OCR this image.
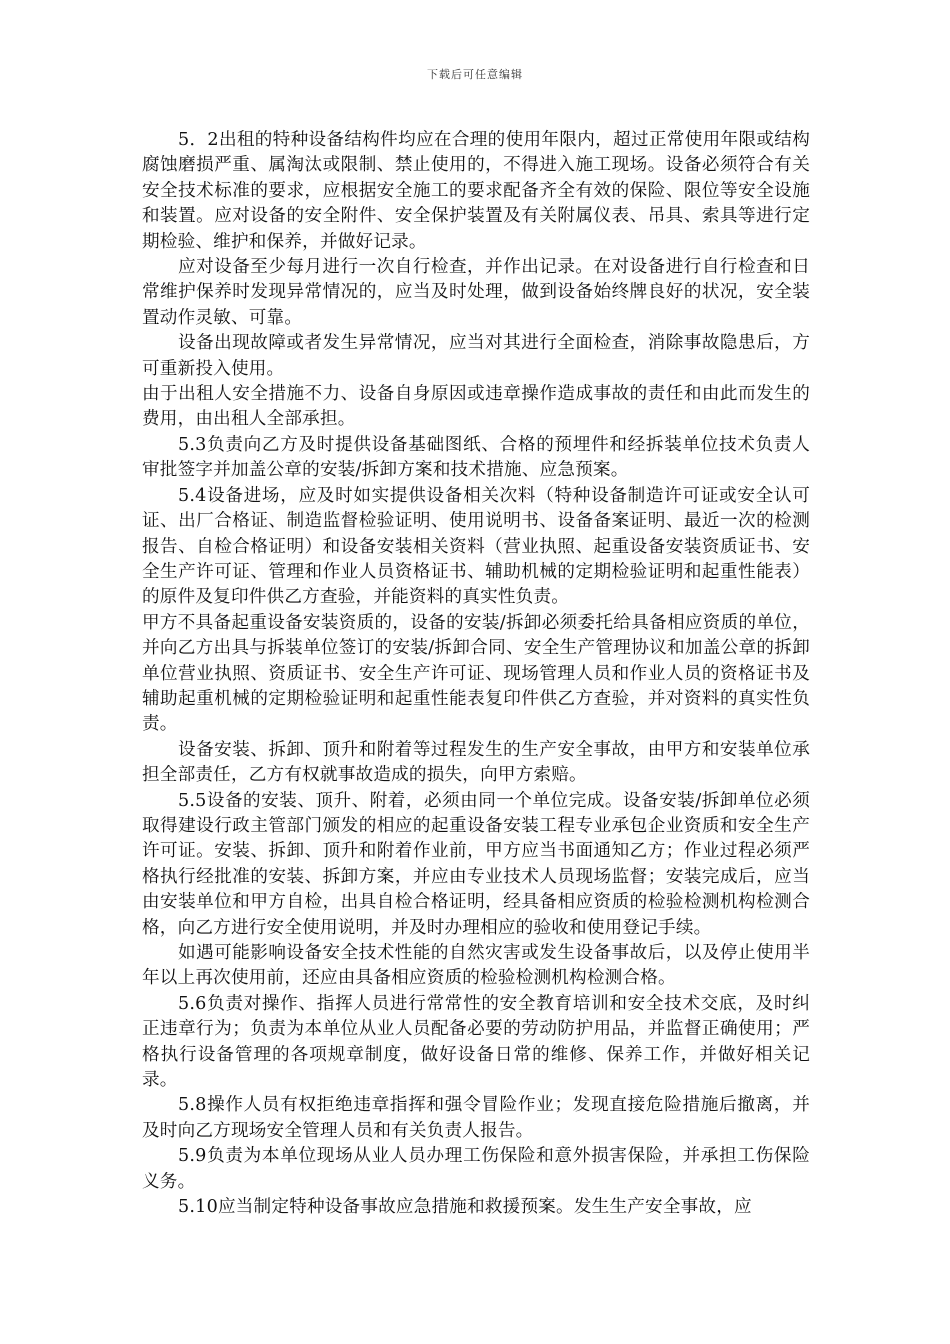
下载后可任意编辑

5．2出租的特种设备结构件均应在合理的使用年限内，超过正常使用年限或结构腐蚀磨损严重、属淘汰或限制、禁止使用的，不得进入施工现场。设备必须符合有关安全技术标准的要求，应根据安全施工的要求配备齐全有效的保险、限位等安全设施和装置。应对设备的安全附件、安全保护装置及有关附属仪表、吊具、索具等进行定期检验、维护和保养，并做好记录。

应对设备至少每月进行一次自行检查，并作出记录。在对设备进行自行检查和日常维护保养时发现异常情况的，应当及时处理，做到设备始终牌良好的状况，安全装置动作灵敏、可靠。

设备出现故障或者发生异常情况，应当对其进行全面检查，消除事故隐患后，方可重新投入使用。

由于出租人安全措施不力、设备自身原因或违章操作造成事故的责任和由此而发生的费用，由出租人全部承担。

5.3负责向乙方及时提供设备基础图纸、合格的预埋件和经拆装单位技术负责人审批签字并加盖公章的安装/拆卸方案和技术措施、应急预案。

5.4设备进场，应及时如实提供设备相关次料（特种设备制造许可证或安全认可证、出厂合格证、制造监督检验证明、使用说明书、设备备案证明、最近一次的检测报告、自检合格证明）和设备安装相关资料（营业执照、起重设备安装资质证书、安全生产许可证、管理和作业人员资格证书、辅助机械的定期检验证明和起重性能表）的原件及复印件供乙方查验，并能资料的真实性负责。

甲方不具备起重设备安装资质的，设备的安装/拆卸必须委托给具备相应资质的单位，并向乙方出具与拆装单位签订的安装/拆卸合同、安全生产管理协议和加盖公章的拆卸单位营业执照、资质证书、安全生产许可证、现场管理人员和作业人员的资格证书及辅助起重机械的定期检验证明和起重性能表复印件供乙方查验，并对资料的真实性负责。

设备安装、拆卸、顶升和附着等过程发生的生产安全事故，由甲方和安装单位承担全部责任，乙方有权就事故造成的损失，向甲方索赔。

5.5设备的安装、顶升、附着，必须由同一个单位完成。设备安装/拆卸单位必须取得建设行政主管部门颁发的相应的起重设备安装工程专业承包企业资质和安全生产许可证。安装、拆卸、顶升和附着作业前，甲方应当书面通知乙方；作业过程必须严格执行经批准的安装、拆卸方案，并应由专业技术人员现场监督；安装完成后，应当由安装单位和甲方自检，出具自检合格证明，经具备相应资质的检验检测机构检测合格，向乙方进行安全使用说明，并及时办理相应的验收和使用登记手续。

如遇可能影响设备安全技术性能的自然灾害或发生设备事故后，以及停止使用半年以上再次使用前，还应由具备相应资质的检验检测机构检测合格。

5.6负责对操作、指挥人员进行常常性的安全教育培训和安全技术交底，及时纠正违章行为；负责为本单位从业人员配备必要的劳动防护用品，并监督正确使用；严格执行设备管理的各项规章制度，做好设备日常的维修、保养工作，并做好相关记录。

5.8操作人员有权拒绝违章指挥和强令冒险作业；发现直接危险措施后撤离，并及时向乙方现场安全管理人员和有关负责人报告。

5.9负责为本单位现场从业人员办理工伤保险和意外损害保险，并承担工伤保险义务。

5.10应当制定特种设备事故应急措施和救援预案。发生生产安全事故，应
